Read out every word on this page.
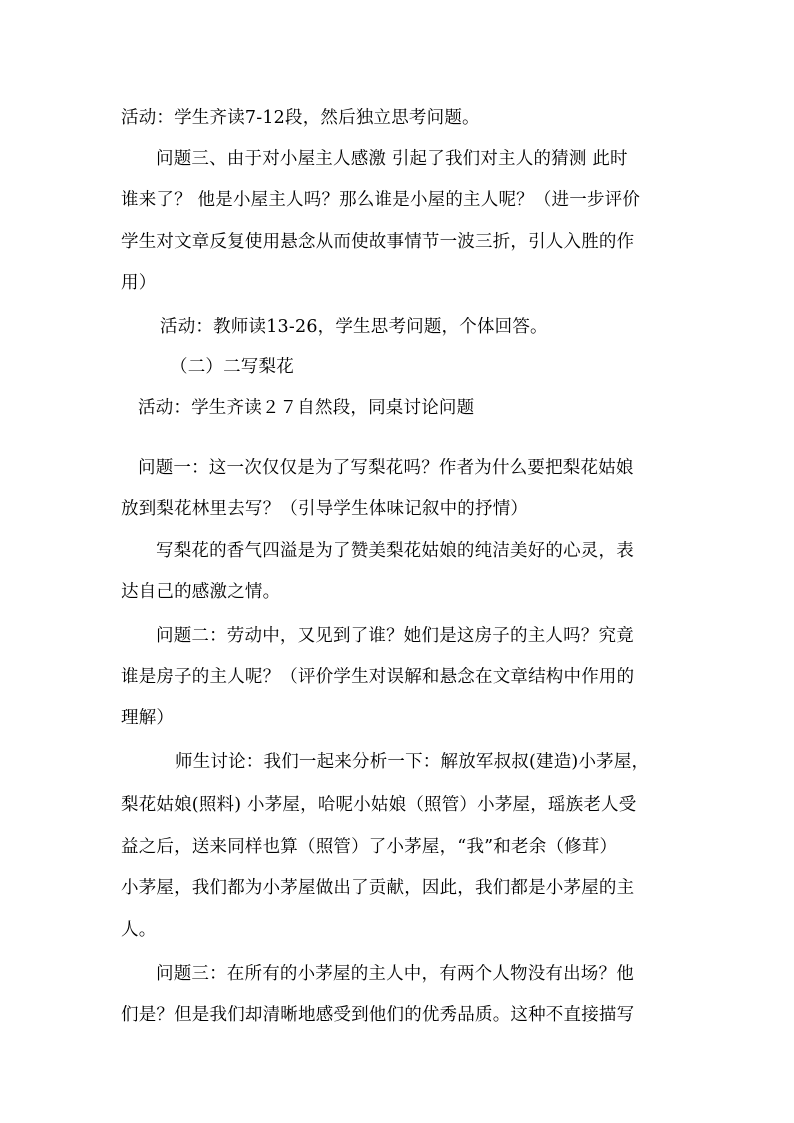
活动：学生齐读7-12段，然后独立思考问题。

问题三、由于对小屋主人感激 引起了我们对主人的猜测 此时

谁来了？ 他是小屋主人吗？那么谁是小屋的主人呢？（进一步评价

学生对文章反复使用悬念从而使故事情节一波三折，引人入胜的作

用）

活动：教师读13-26，学生思考问题，个体回答。

（二）二写梨花

活动：学生齐读２７自然段，同桌讨论问题

问题一：这一次仅仅是为了写梨花吗？作者为什么要把梨花姑娘

放到梨花林里去写？（引导学生体味记叙中的抒情）

写梨花的香气四溢是为了赞美梨花姑娘的纯洁美好的心灵，表

达自己的感激之情。

问题二：劳动中，又见到了谁？她们是这房子的主人吗？究竟

谁是房子的主人呢？（评价学生对误解和悬念在文章结构中作用的

理解）

师生讨论：我们一起来分析一下：解放军叔叔(建造)小茅屋，

梨花姑娘(照料) 小茅屋，哈呢小姑娘（照管）小茅屋，瑶族老人受

益之后，送来同样也算（照管）了小茅屋，“我”和老余（修茸）

小茅屋，我们都为小茅屋做出了贡献，因此，我们都是小茅屋的主

人。

问题三：在所有的小茅屋的主人中，有两个人物没有出场？他

们是？但是我们却清晰地感受到他们的优秀品质。这种不直接描写
